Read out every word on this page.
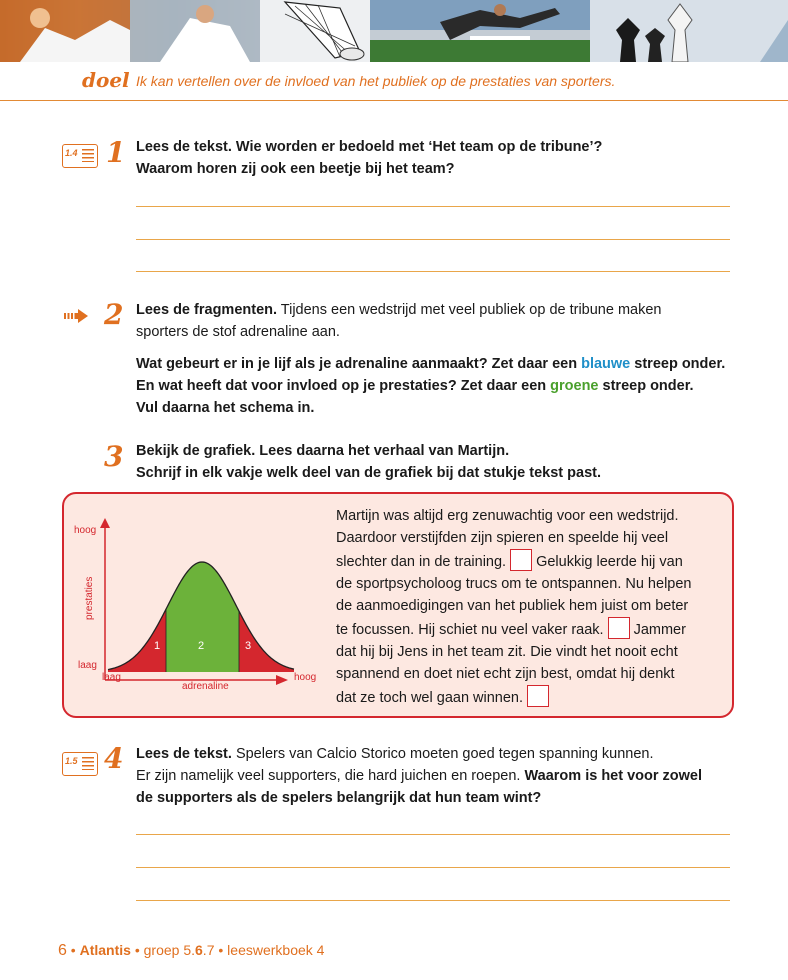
doel Ik kan vertellen over de invloed van het publiek op de prestaties van sporters.
1.4 1 Lees de tekst. Wie worden er bedoeld met ‘Het team op de tribune’?
Waarom horen zij ook een beetje bij het team?
2 Lees de fragmenten. Tijdens een wedstrijd met veel publiek op de tribune maken
sporters de stof adrenaline aan.
Wat gebeurt er in je lijf als je adrenaline aanmaakt? Zet daar een blauwe streep onder.
En wat heeft dat voor invloed op je prestaties? Zet daar een groene streep onder.
Vul daarna het schema in.
3 Bekijk de grafiek. Lees daarna het verhaal van Martijn.
Schrijf in elk vakje welk deel van de grafiek bij dat stukje tekst past.
hoog
laag
prestaties
laag	hoog
adrenaline
1	2	3
Martijn was altijd erg zenuwachtig voor een wedstrijd.
Daardoor verstijfden zijn spieren en speelde hij veel
slechter dan in de training. Gelukkig leerde hij van
de sportpsycholoog trucs om te ontspannen. Nu helpen
de aanmoedigingen van het publiek hem juist om beter
te focussen. Hij schiet nu veel vaker raak. Jammer
dat hij bij Jens in het team zit. Die vindt het nooit echt
spannend en doet niet echt zijn best, omdat hij denkt
dat ze toch wel gaan winnen.
1.5 4 Lees de tekst. Spelers van Calcio Storico moeten goed tegen spanning kunnen.
Er zijn namelijk veel supporters, die hard juichen en roepen. Waarom is het voor zowel
de supporters als de spelers belangrijk dat hun team wint?
6 • Atlantis • groep 5.6.7 • leeswerkboek 4
